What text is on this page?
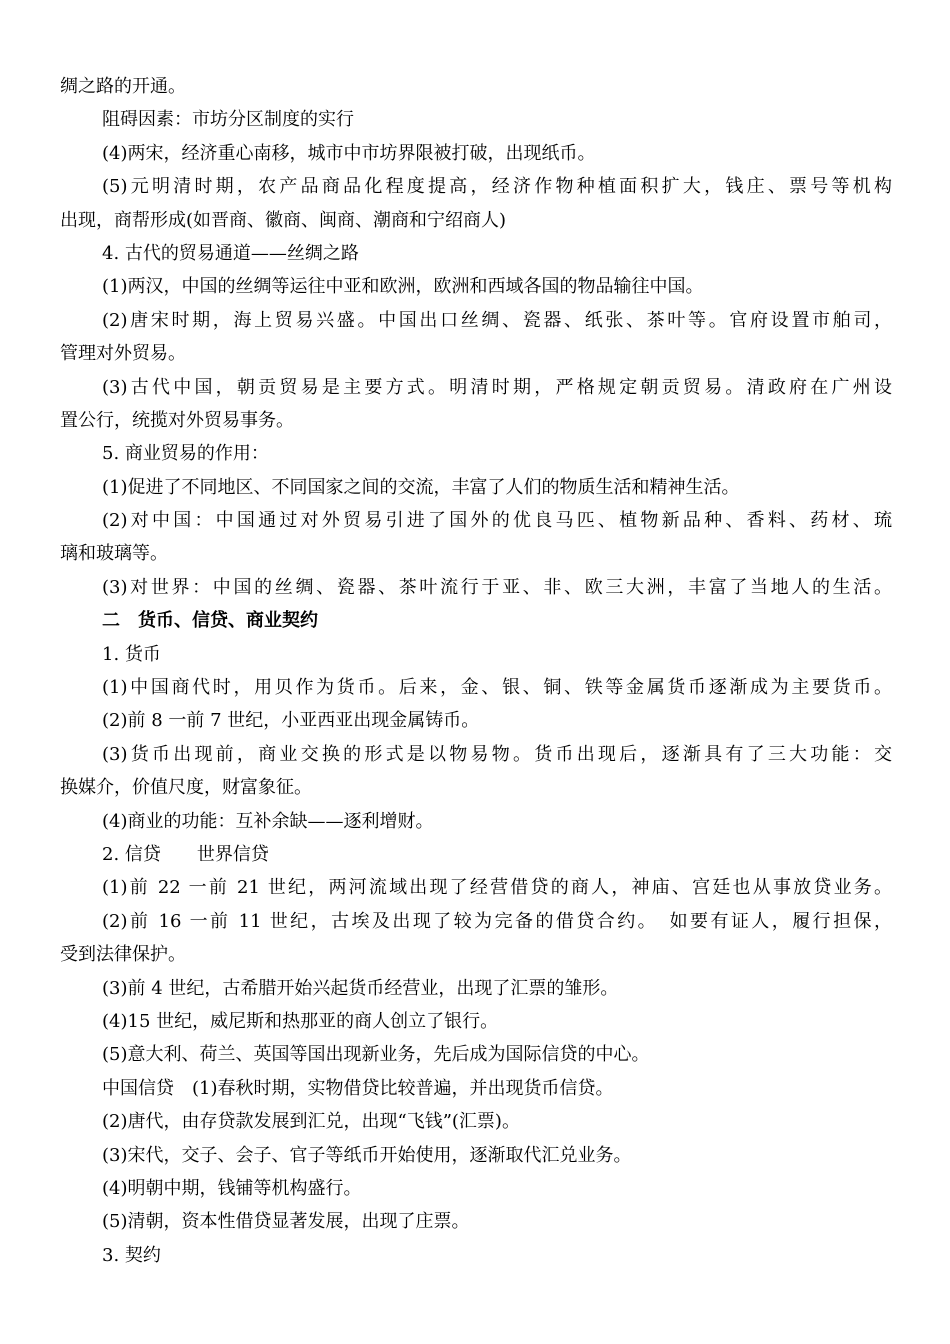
绸之路的开通。
阻碍因素：市坊分区制度的实行
(4)两宋，经济重心南移，城市中市坊界限被打破，出现纸币。
(5)元明清时期，农产品商品化程度提高，经济作物种植面积扩大，钱庄、票号等机构
出现，商帮形成(如晋商、徽商、闽商、潮商和宁绍商人)
4. 古代的贸易通道——丝绸之路
(1)两汉，中国的丝绸等运往中亚和欧洲，欧洲和西域各国的物品输往中国。
(2)唐宋时期，海上贸易兴盛。中国出口丝绸、瓷器、纸张、茶叶等。官府设置市舶司，
管理对外贸易。
(3)古代中国，朝贡贸易是主要方式。明清时期，严格规定朝贡贸易。清政府在广州设
置公行，统揽对外贸易事务。
5. 商业贸易的作用：
(1)促进了不同地区、不同国家之间的交流，丰富了人们的物质生活和精神生活。
(2)对中国：中国通过对外贸易引进了国外的优良马匹、植物新品种、香料、药材、琉
璃和玻璃等。
(3)对世界：中国的丝绸、瓷器、茶叶流行于亚、非、欧三大洲，丰富了当地人的生活。
二　货币、信贷、商业契约
1. 货币
(1)中国商代时，用贝作为货币。后来，金、银、铜、铁等金属货币逐渐成为主要货币。
(2)前 8 一前 7 世纪，小亚西亚出现金属铸币。
(3)货币出现前，商业交换的形式是以物易物。货币出现后，逐渐具有了三大功能：交
换媒介，价值尺度，财富象征。
(4)商业的功能：互补余缺——逐利增财。
2. 信贷　　世界信贷
(1)前 22 一前 21 世纪，两河流域出现了经营借贷的商人，神庙、宫廷也从事放贷业务。
(2)前 16 一前 11 世纪，古埃及出现了较为完备的借贷合约。　如要有证人，履行担保，
受到法律保护。
(3)前 4 世纪，古希腊开始兴起货币经营业，出现了汇票的雏形。
(4)15 世纪，威尼斯和热那亚的商人创立了银行。
(5)意大利、荷兰、英国等国出现新业务，先后成为国际信贷的中心。
中国信贷　(1)春秋时期，实物借贷比较普遍，并出现货币信贷。
(2)唐代，由存贷款发展到汇兑，出现“飞钱”(汇票)。
(3)宋代，交子、会子、官子等纸币开始使用，逐渐取代汇兑业务。
(4)明朝中期，钱铺等机构盛行。
(5)清朝，资本性借贷显著发展，出现了庄票。
3. 契约
